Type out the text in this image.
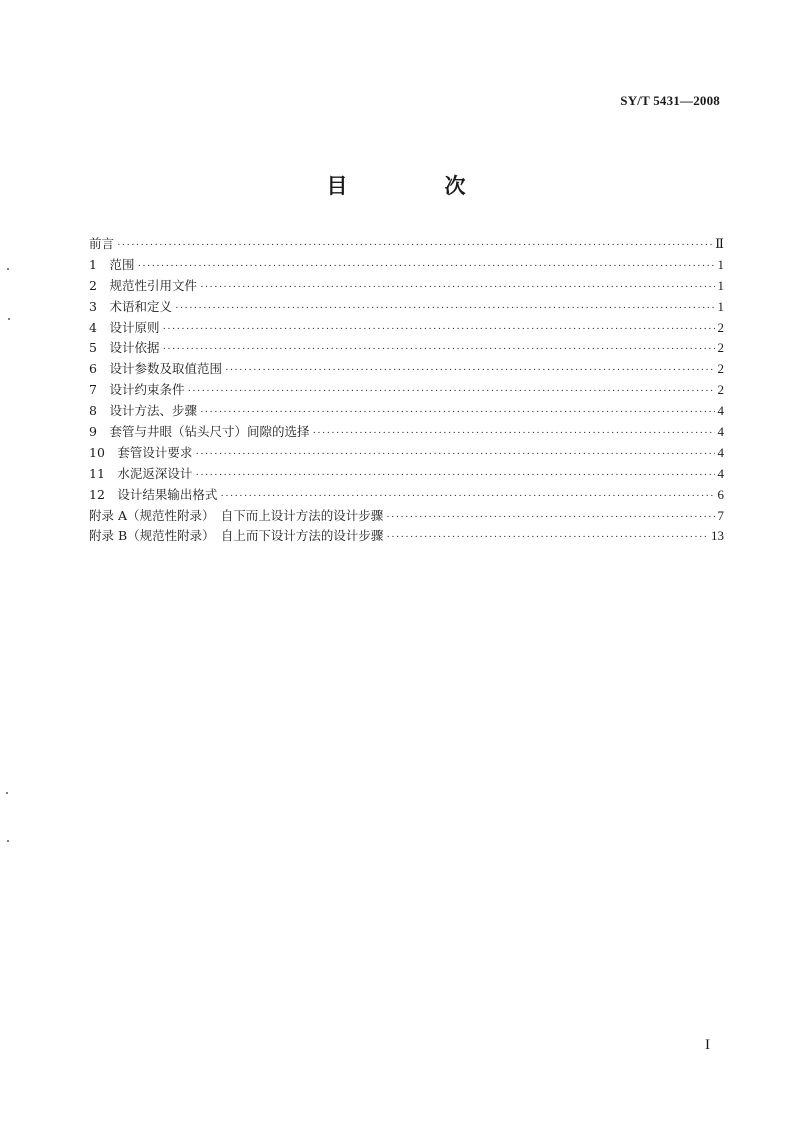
SY/T 5431—2008
目　次
前言 ·····	Ⅱ
1　范围 ·····	1
2　规范性引用文件 ·····	1
3　术语和定义 ·····	1
4　设计原则 ·····	2
5　设计依据 ·····	2
6　设计参数及取值范围 ·····	2
7　设计约束条件 ·····	2
8　设计方法、步骤 ·····	4
9　套管与井眼（钻头尺寸）间隙的选择 ·····	4
10　套管设计要求 ·····	4
11　水泥返深设计 ·····	4
12　设计结果输出格式 ·····	6
附录 A（规范性附录）　自下而上设计方法的设计步骤 ·····	7
附录 B（规范性附录）　自上而下设计方法的设计步骤 ·····	13
I
